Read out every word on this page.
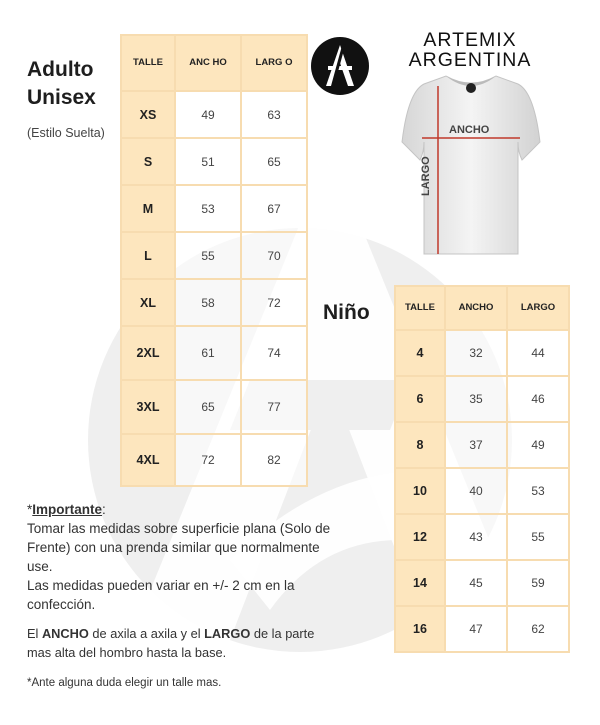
Adulto
Unisex
(Estilo Suelta)
TALLE	ANC HO	LARG O
XS	49	63
S	51	65
M	53	67
L	55	70
XL	58	72
2XL	61	74
3XL	65	77
4XL	72	82
ARTEMIX
ARGENTINA
ANCHO
LARGO
Niño	TALLE	ANCHO	LARGO
4	32	44
6	35	46
8	37	49
10	40	53
12	43	55
14	45	59
16	47	62

*Importante:

Tomar las medidas sobre superficie plana (Solo de Frente) con una prenda similar que normalmente use.

Las medidas pueden variar en +/- 2 cm en la confección.

El ANCHO de axila a axila y el LARGO de la parte mas alta del hombro hasta la base.

*Ante alguna duda elegir un talle mas.
